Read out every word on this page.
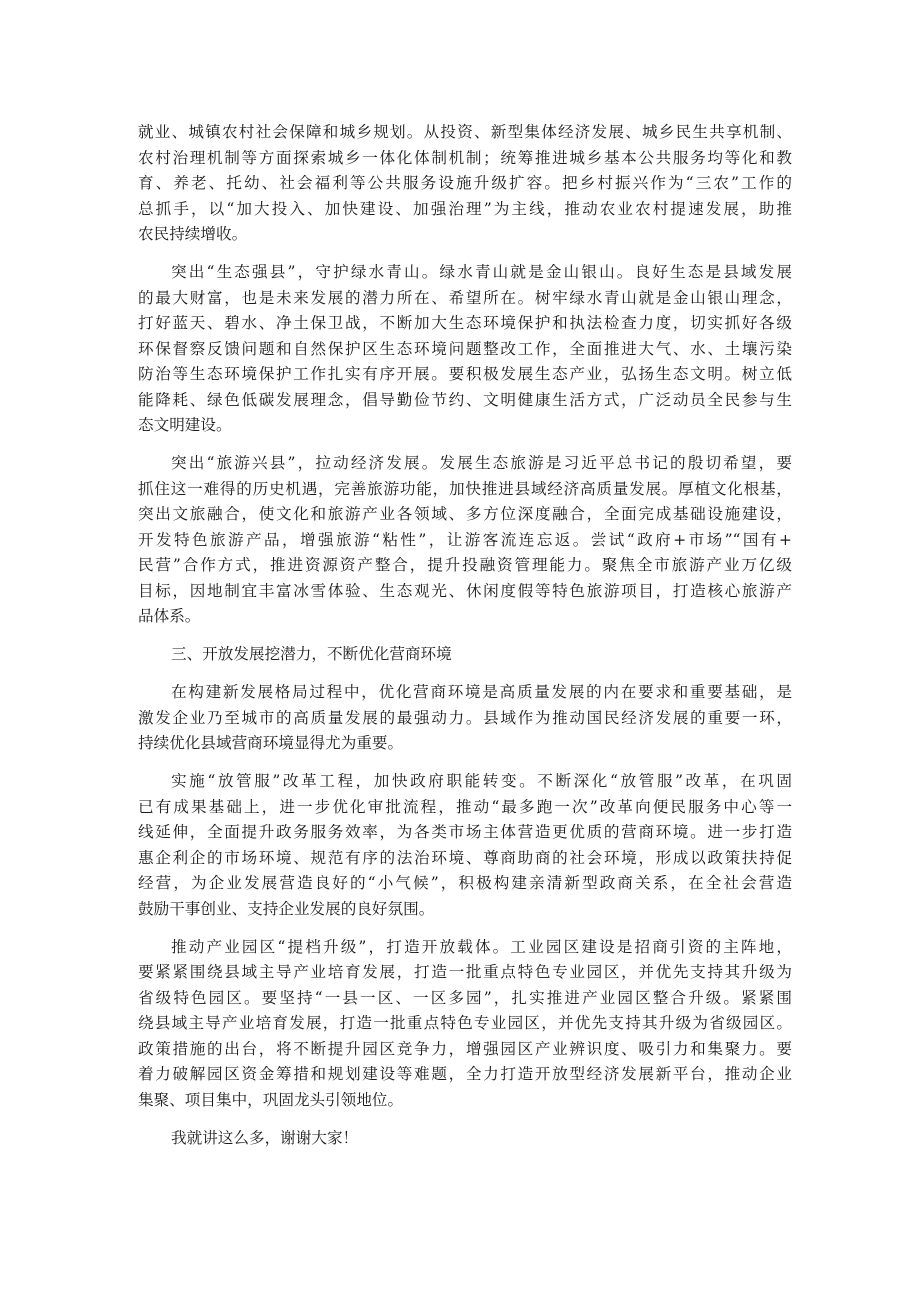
就业、城镇农村社会保障和城乡规划。从投资、新型集体经济发展、城乡民生共享机制、
农村治理机制等方面探索城乡一体化体制机制；统筹推进城乡基本公共服务均等化和教
育、养老、托幼、社会福利等公共服务设施升级扩容。把乡村振兴作为“三农”工作的
总抓手，以“加大投入、加快建设、加强治理”为主线，推动农业农村提速发展，助推
农民持续增收。
突出“生态强县”，守护绿水青山。绿水青山就是金山银山。良好生态是县域发展
的最大财富，也是未来发展的潜力所在、希望所在。树牢绿水青山就是金山银山理念，
打好蓝天、碧水、净土保卫战，不断加大生态环境保护和执法检查力度，切实抓好各级
环保督察反馈问题和自然保护区生态环境问题整改工作，全面推进大气、水、土壤污染
防治等生态环境保护工作扎实有序开展。要积极发展生态产业，弘扬生态文明。树立低
能降耗、绿色低碳发展理念，倡导勤俭节约、文明健康生活方式，广泛动员全民参与生
态文明建设。
突出“旅游兴县”，拉动经济发展。发展生态旅游是习近平总书记的殷切希望，要
抓住这一难得的历史机遇，完善旅游功能，加快推进县域经济高质量发展。厚植文化根基，
突出文旅融合，使文化和旅游产业各领域、多方位深度融合，全面完成基础设施建设，
开发特色旅游产品，增强旅游“粘性”，让游客流连忘返。尝试“政府+市场”“国有+
民营”合作方式，推进资源资产整合，提升投融资管理能力。聚焦全市旅游产业万亿级
目标，因地制宜丰富冰雪体验、生态观光、休闲度假等特色旅游项目，打造核心旅游产
品体系。
三、开放发展挖潜力，不断优化营商环境
在构建新发展格局过程中，优化营商环境是高质量发展的内在要求和重要基础，是
激发企业乃至城市的高质量发展的最强动力。县域作为推动国民经济发展的重要一环，
持续优化县域营商环境显得尤为重要。
实施“放管服”改革工程，加快政府职能转变。不断深化“放管服”改革，在巩固
已有成果基础上，进一步优化审批流程，推动“最多跑一次”改革向便民服务中心等一
线延伸，全面提升政务服务效率，为各类市场主体营造更优质的营商环境。进一步打造
惠企利企的市场环境、规范有序的法治环境、尊商助商的社会环境，形成以政策扶持促
经营，为企业发展营造良好的“小气候”，积极构建亲清新型政商关系，在全社会营造
鼓励干事创业、支持企业发展的良好氛围。
推动产业园区“提档升级”，打造开放载体。工业园区建设是招商引资的主阵地，
要紧紧围绕县域主导产业培育发展，打造一批重点特色专业园区，并优先支持其升级为
省级特色园区。要坚持“一县一区、一区多园”，扎实推进产业园区整合升级。紧紧围
绕县域主导产业培育发展，打造一批重点特色专业园区，并优先支持其升级为省级园区。
政策措施的出台，将不断提升园区竞争力，增强园区产业辨识度、吸引力和集聚力。要
着力破解园区资金筹措和规划建设等难题，全力打造开放型经济发展新平台，推动企业
集聚、项目集中，巩固龙头引领地位。
我就讲这么多，谢谢大家！
